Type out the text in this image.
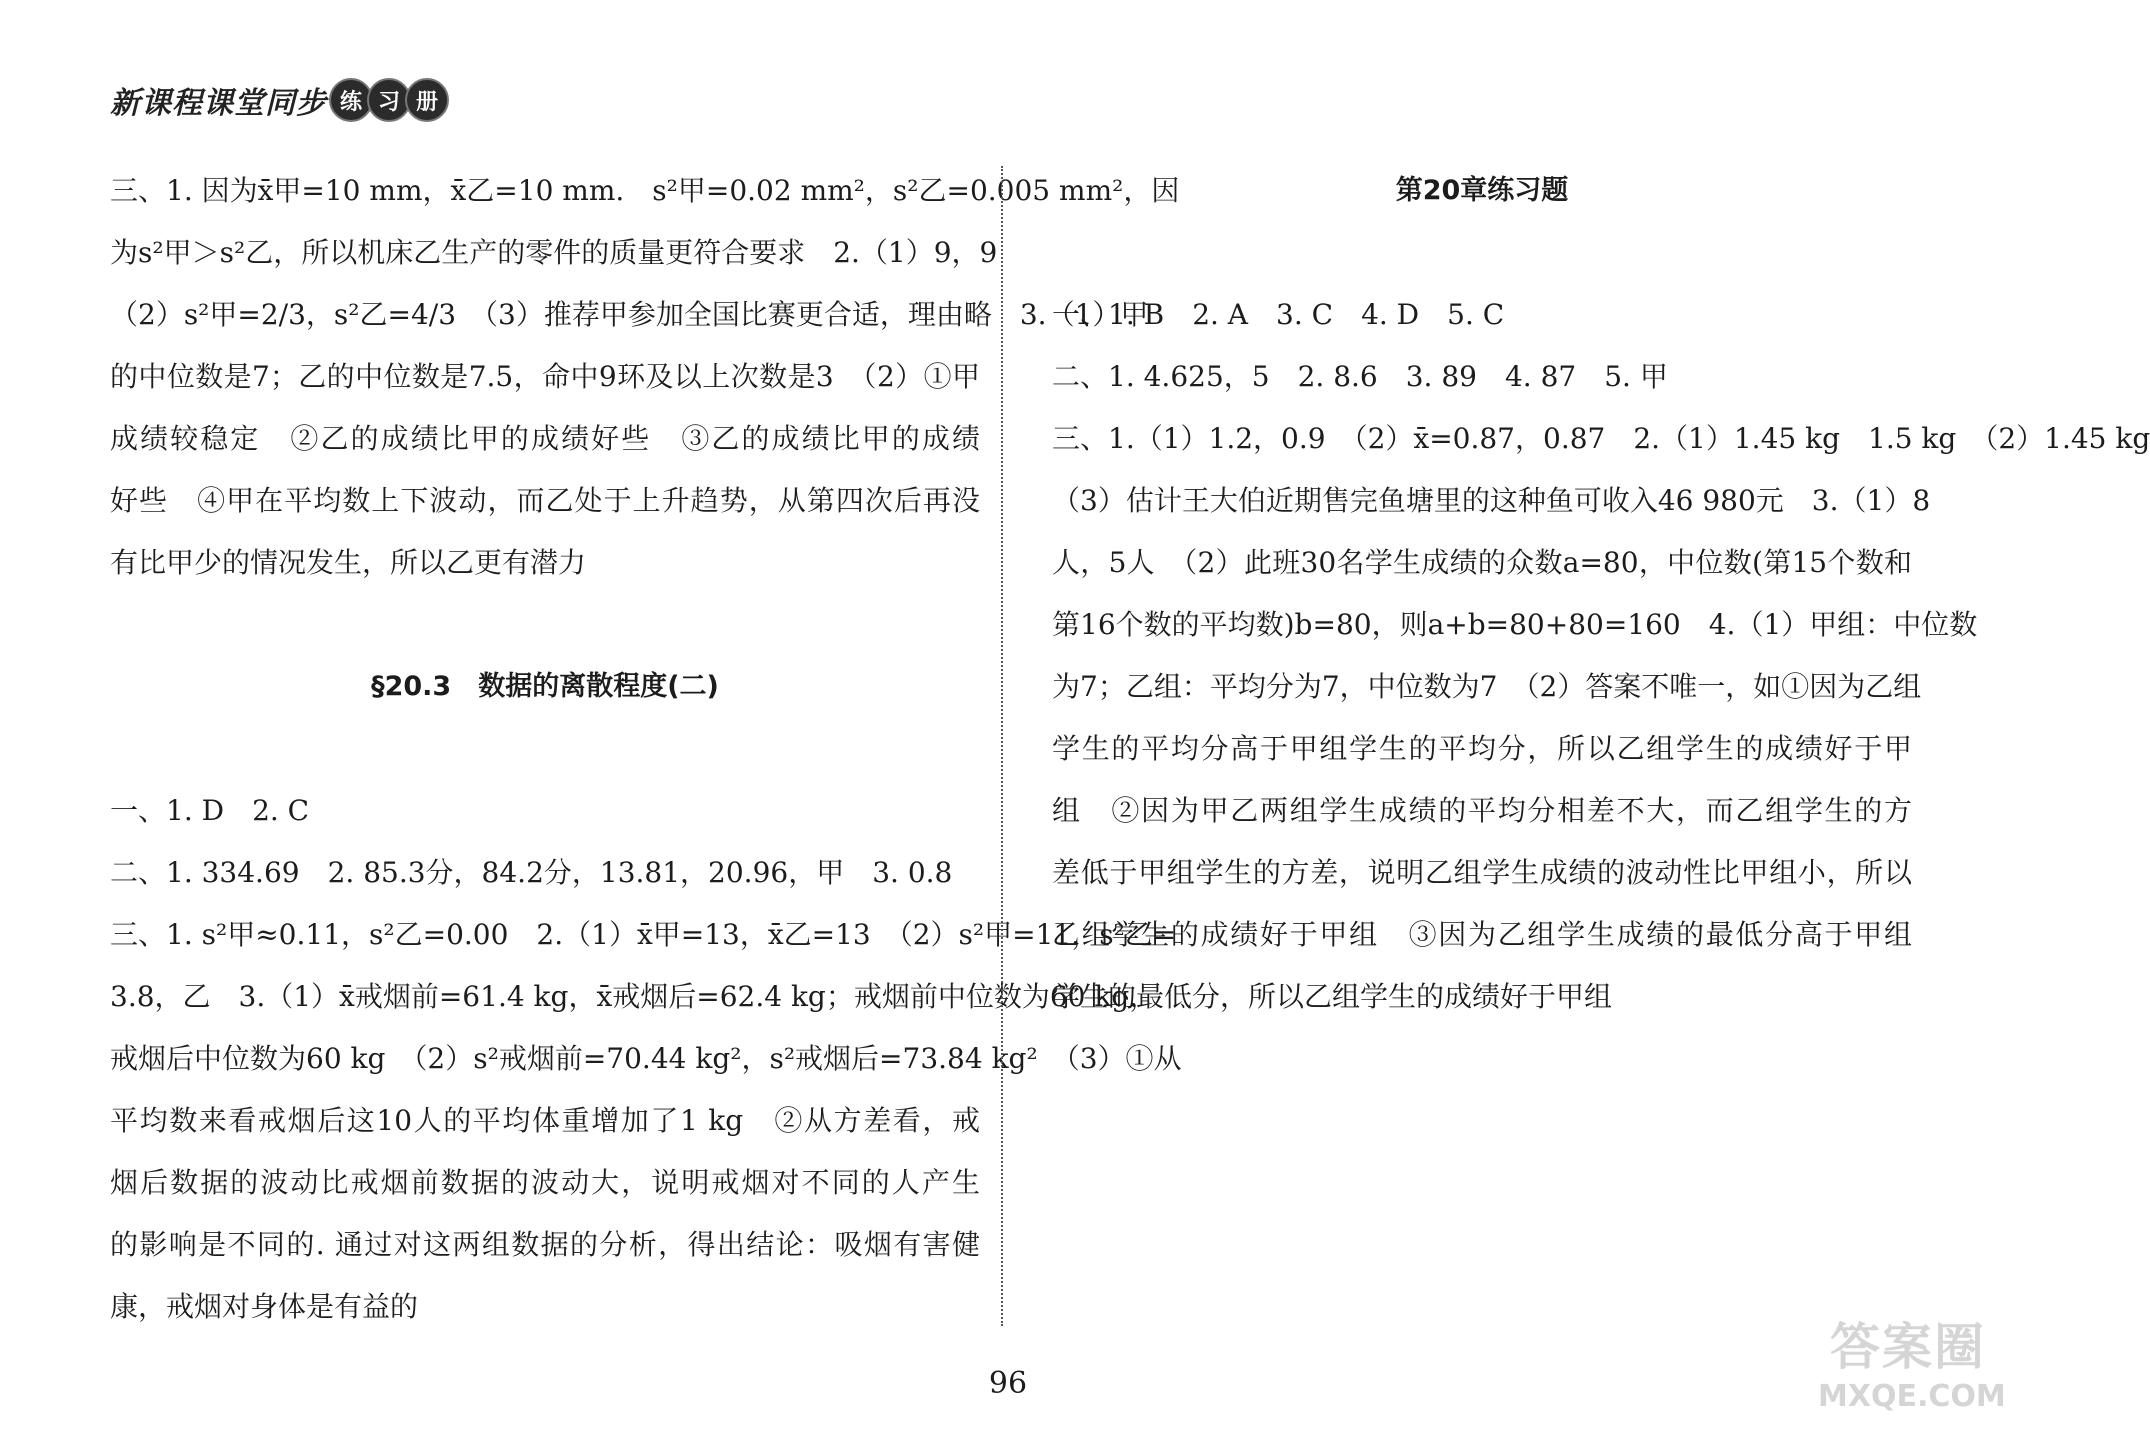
新课程课堂同步 练 习 册
三、1. 因为x̄甲=10 mm，x̄乙=10 mm.　s²甲=0.02 mm²，s²乙=0.005 mm²，因
为s²甲＞s²乙，所以机床乙生产的零件的质量更符合要求　2.（1）9，9
（2）s²甲=2/3，s²乙=4/3　（3）推荐甲参加全国比赛更合适，理由略　3.（1）甲
的中位数是7；乙的中位数是7.5，命中9环及以上次数是3　（2）①甲
成绩较稳定　②乙的成绩比甲的成绩好些　③乙的成绩比甲的成绩
好些　④甲在平均数上下波动，而乙处于上升趋势，从第四次后再没
有比甲少的情况发生，所以乙更有潜力
§20.3　数据的离散程度(二)
一、1. D　2. C
二、1. 334.69　2. 85.3分，84.2分，13.81，20.96，甲　3. 0.8
三、1. s²甲≈0.11，s²乙=0.00　2.（1）x̄甲=13，x̄乙=13　（2）s²甲=11，s²乙=
3.8，乙　3.（1）x̄戒烟前=61.4 kg，x̄戒烟后=62.4 kg；戒烟前中位数为60 kg，
戒烟后中位数为60 kg　（2）s²戒烟前=70.44 kg²，s²戒烟后=73.84 kg²　（3）①从
平均数来看戒烟后这10人的平均体重增加了1 kg　②从方差看，戒
烟后数据的波动比戒烟前数据的波动大，说明戒烟对不同的人产生
的影响是不同的. 通过对这两组数据的分析，得出结论：吸烟有害健
康，戒烟对身体是有益的
第20章练习题
一、1. B　2. A　3. C　4. D　5. C
二、1. 4.625，5　2. 8.6　3. 89　4. 87　5. 甲
三、1.（1）1.2，0.9　（2）x̄=0.87，0.87　2.（1）1.45 kg　1.5 kg　（2）1.45 kg
（3）估计王大伯近期售完鱼塘里的这种鱼可收入46 980元　3.（1）8
人，5人　（2）此班30名学生成绩的众数a=80，中位数(第15个数和
第16个数的平均数)b=80，则a+b=80+80=160　4.（1）甲组：中位数
为7；乙组：平均分为7，中位数为7　（2）答案不唯一，如①因为乙组
学生的平均分高于甲组学生的平均分，所以乙组学生的成绩好于甲
组　②因为甲乙两组学生成绩的平均分相差不大，而乙组学生的方
差低于甲组学生的方差，说明乙组学生成绩的波动性比甲组小，所以
乙组学生的成绩好于甲组　③因为乙组学生成绩的最低分高于甲组
学生的最低分，所以乙组学生的成绩好于甲组
96
答案圈
MXQE.COM
